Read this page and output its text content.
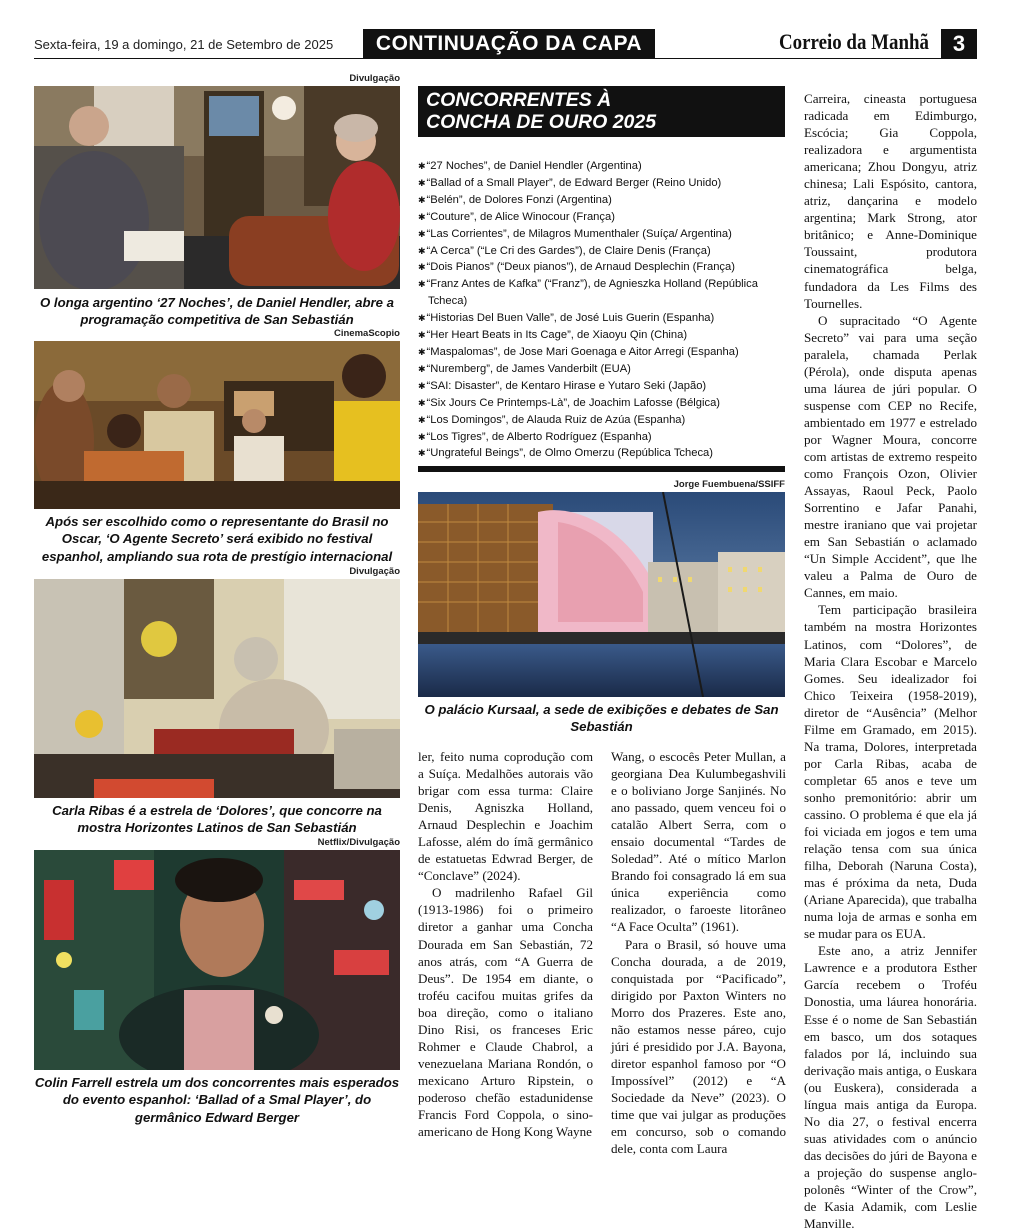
Sexta-feira, 19 a domingo, 21 de Setembro de 2025	CONTINUAÇÃO DA CAPA	Correio da Manhã	3
Divulgação
O longa argentino ‘27 Noches’, de Daniel Hendler, abre a programação competitiva de San Sebastián
CinemaScopio
Após ser escolhido como o representante do Brasil no Oscar, ‘O Agente Secreto’ será exibido no festival espanhol, ampliando sua rota de prestígio internacional
Divulgação
Carla Ribas é a estrela de ‘Dolores’, que concorre na mostra Horizontes Latinos de San Sebastián
Netflix/Divulgação
Colin Farrell estrela um dos concorrentes mais esperados do evento espanhol: ‘Ballad of a Smal Player’, do germânico Edward Berger
CONCORRENTES À
CONCHA DE OURO 2025
✱ “27 Noches”, de Daniel Hendler (Argentina)
✱ “Ballad of a Small Player”, de Edward Berger (Reino Unido)
✱ “Belén”, de Dolores Fonzi (Argentina)
✱ “Couture”, de Alice Winocour (França)
✱ “Las Corrientes”, de Milagros Mumenthaler (Suíça/ Argentina)
✱ “A Cerca” (“Le Cri des Gardes”), de Claire Denis (França)
✱ “Dois Pianos” (“Deux pianos”), de Arnaud Desplechin (França)
✱ “Franz Antes de Kafka” (“Franz”), de Agnieszka Holland (República Tcheca)
✱ “Historias Del Buen Valle”, de José Luis Guerin (Espanha)
✱ “Her Heart Beats in Its Cage”, de Xiaoyu Qin (China)
✱ “Maspalomas”, de Jose Mari Goenaga e Aitor Arregi (Espanha)
✱ “Nuremberg”, de James Vanderbilt (EUA)
✱ “SAI: Disaster”, de Kentaro Hirase e Yutaro Seki (Japão)
✱ “Six Jours Ce Printemps-Là”, de Joachim Lafosse (Bélgica)
✱ “Los Domingos”, de Alauda Ruiz de Azúa (Espanha)
✱ “Los Tigres”, de Alberto Rodríguez (Espanha)
✱ “Ungrateful Beings”, de Olmo Omerzu (República Tcheca)
Jorge Fuembuena/SSIFF
O palácio Kursaal, a sede de exibições e debates de San Sebastián

ler, feito numa coprodução com a Suíça. Medalhões autorais vão brigar com essa turma: Claire Denis, Agniszka Holland, Arnaud Desplechin e Joachim Lafosse, além do ímã germânico de estatuetas Edwrad Berger, de “Conclave” (2024).

O madrilenho Rafael Gil (1913-1986) foi o primeiro diretor a ganhar uma Concha Dourada em San Sebastián, 72 anos atrás, com “A Guerra de Deus”. De 1954 em diante, o troféu cacifou muitas grifes da boa direção, como o italiano Dino Risi, os franceses Eric Rohmer e Claude Chabrol, a venezuelana Mariana Rondón, o mexicano Arturo Ripstein, o poderoso chefão estadunidense Francis Ford Coppola, o sino-americano de Hong Kong Wayne

Wang, o escocês Peter Mullan, a georgiana Dea Kulumbegashvili e o boliviano Jorge Sanjinés. No ano passado, quem venceu foi o catalão Albert Serra, com o ensaio documental “Tardes de Soledad”. Até o mítico Marlon Brando foi consagrado lá em sua única experiência como realizador, o faroeste litorâneo “A Face Oculta” (1961).

Para o Brasil, só houve uma Concha dourada, a de 2019, conquistada por “Pacificado”, dirigido por Paxton Winters no Morro dos Prazeres. Este ano, não estamos nesse páreo, cujo júri é presidido por J.A. Bayona, diretor espanhol famoso por “O Impossível” (2012) e “A Sociedade da Neve” (2023). O time que vai julgar as produções em concurso, sob o comando dele, conta com Laura

Carreira, cineasta portuguesa radicada em Edimburgo, Escócia; Gia Coppola, realizadora e argumentista americana; Zhou Dongyu, atriz chinesa; Lali Espósito, cantora, atriz, dançarina e modelo argentina; Mark Strong, ator britânico; e Anne-Dominique Toussaint, produtora cinematográfica belga, fundadora da Les Films des Tournelles.

O supracitado “O Agente Secreto” vai para uma seção paralela, chamada Perlak (Pérola), onde disputa apenas uma láurea de júri popular. O suspense com CEP no Recife, ambientado em 1977 e estrelado por Wagner Moura, concorre com artistas de extremo respeito como François Ozon, Olivier Assayas, Raoul Peck, Paolo Sorrentino e Jafar Panahi, mestre iraniano que vai projetar em San Sebastián o aclamado “Un Simple Accident”, que lhe valeu a Palma de Ouro de Cannes, em maio.

Tem participação brasileira também na mostra Horizontes Latinos, com “Dolores”, de Maria Clara Escobar e Marcelo Gomes. Seu idealizador foi Chico Teixeira (1958-2019), diretor de “Ausência” (Melhor Filme em Gramado, em 2015). Na trama, Dolores, interpretada por Carla Ribas, acaba de completar 65 anos e teve um sonho premonitório: abrir um cassino. O problema é que ela já foi viciada em jogos e tem uma relação tensa com sua única filha, Deborah (Naruna Costa), mas é próxima da neta, Duda (Ariane Aparecida), que trabalha numa loja de armas e sonha em se mudar para os EUA.

Este ano, a atriz Jennifer Lawrence e a produtora Esther García recebem o Troféu Donostia, uma láurea honorária. Esse é o nome de San Sebastián em basco, um dos sotaques falados por lá, incluindo sua derivação mais antiga, o Euskara (ou Euskera), considerada a língua mais antiga da Europa. No dia 27, o festival encerra suas atividades com o anúncio das decisões do júri de Bayona e a projeção do suspense anglo-polonês “Winter of the Crow”, de Kasia Adamik, com Leslie Manville.
